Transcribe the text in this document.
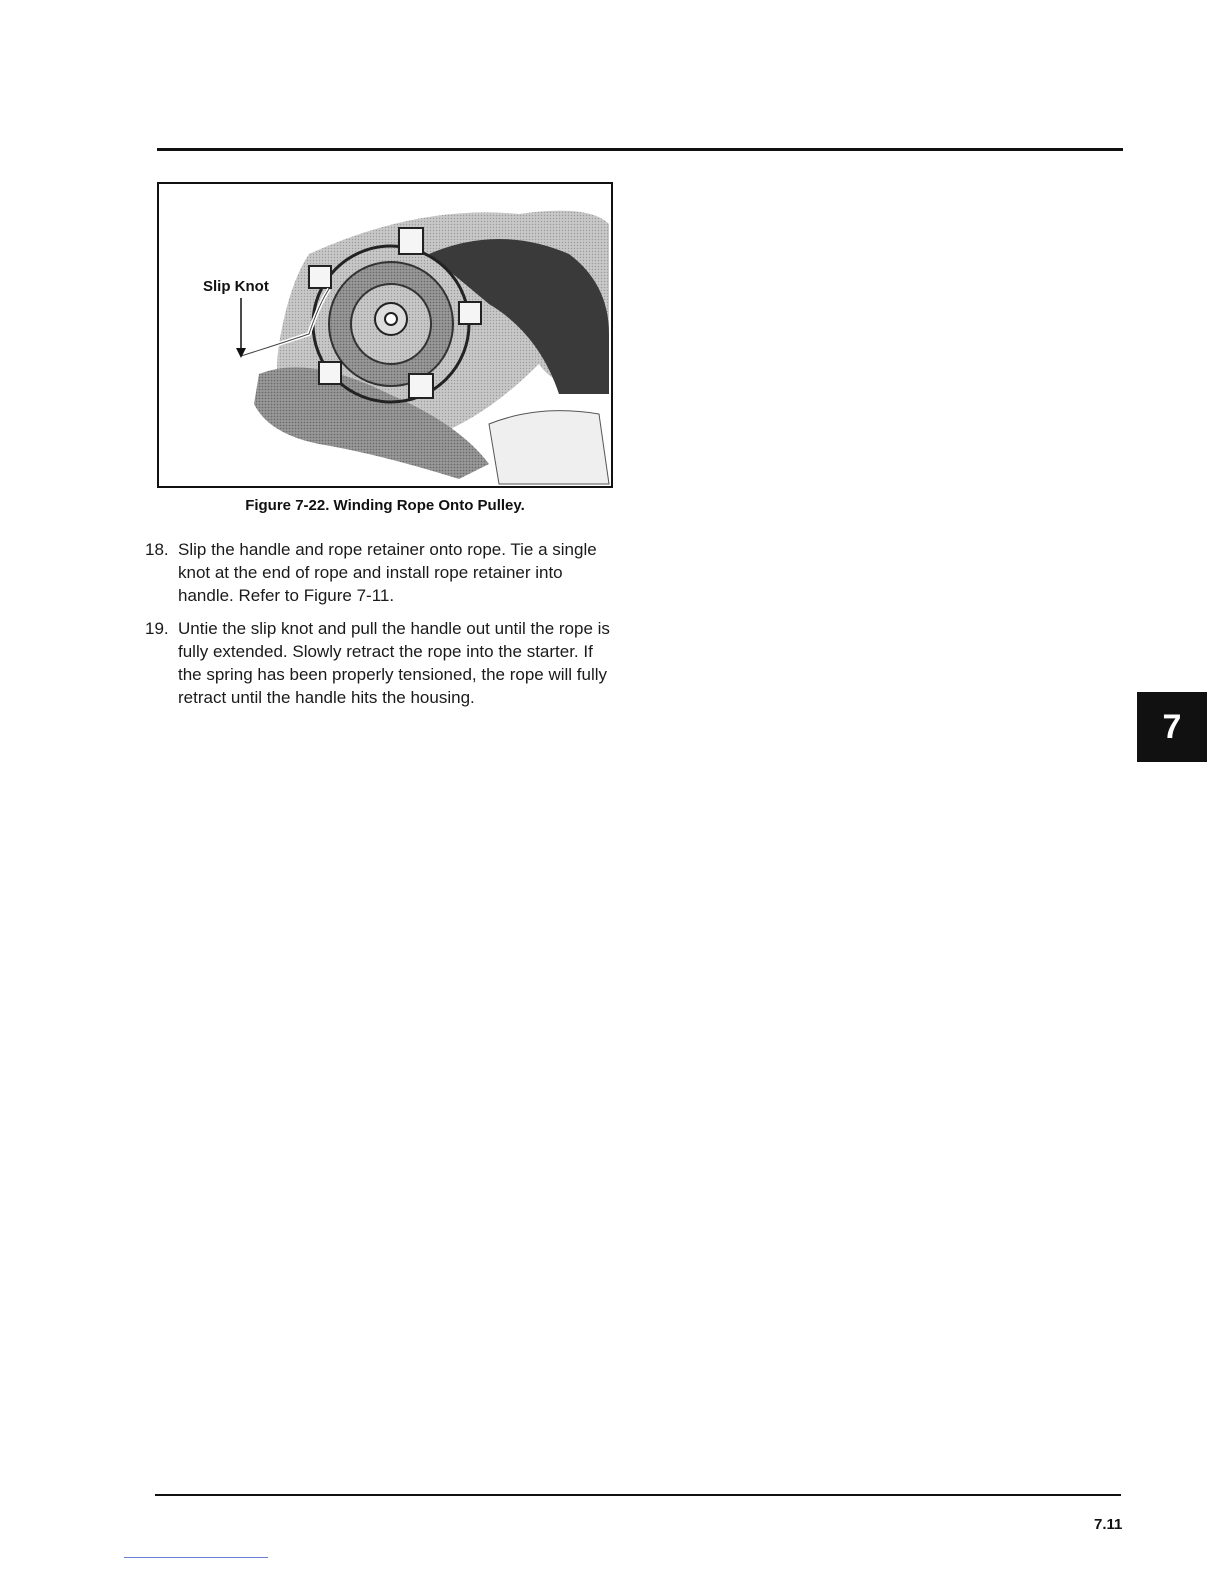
Slip Knot
Figure 7-22. Winding Rope Onto Pulley.
18. Slip the handle and rope retainer onto rope. Tie a single knot at the end of rope and install rope retainer into handle. Refer to Figure 7-11.
19. Untie the slip knot and pull the handle out until the rope is fully extended. Slowly retract the rope into the starter. If the spring has been properly tensioned, the rope will fully retract until the handle hits the housing.
7
7.11
